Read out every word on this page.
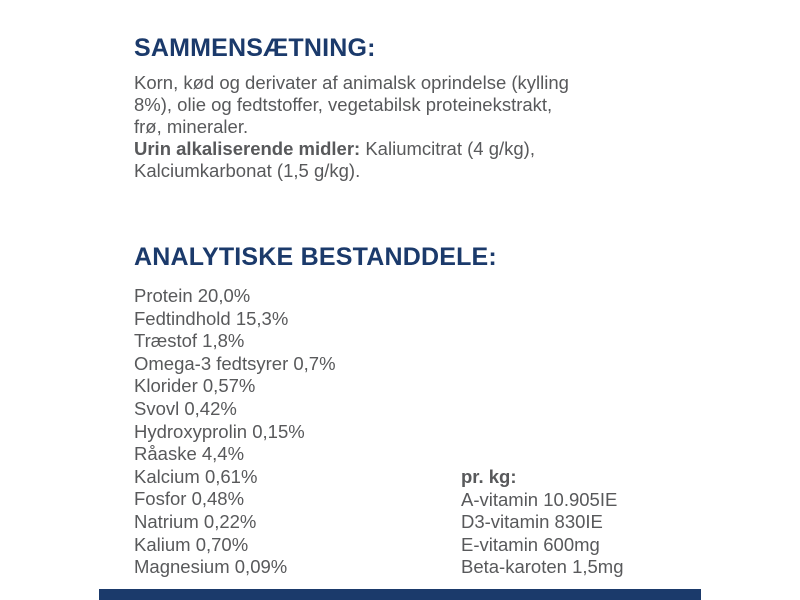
SAMMENSÆTNING:

Korn, kød og derivater af animalsk oprindelse (kylling
8%), olie og fedtstoffer, vegetabilsk proteinekstrakt,
frø, mineraler.
Urin alkaliserende midler: Kaliumcitrat (4 g/kg),
Kalciumkarbonat (1,5 g/kg).

ANALYTISKE BESTANDDELE:
Protein 20,0%
Fedtindhold 15,3%
Træstof 1,8%
Omega-3 fedtsyrer 0,7%
Klorider 0,57%
Svovl 0,42%
Hydroxyprolin 0,15%
Råaske 4,4%
Kalcium 0,61%
Fosfor 0,48%
Natrium 0,22%
Kalium 0,70%
Magnesium 0,09%
pr. kg:
A-vitamin 10.905IE
D3-vitamin 830IE
E-vitamin 600mg
Beta-karoten 1,5mg
